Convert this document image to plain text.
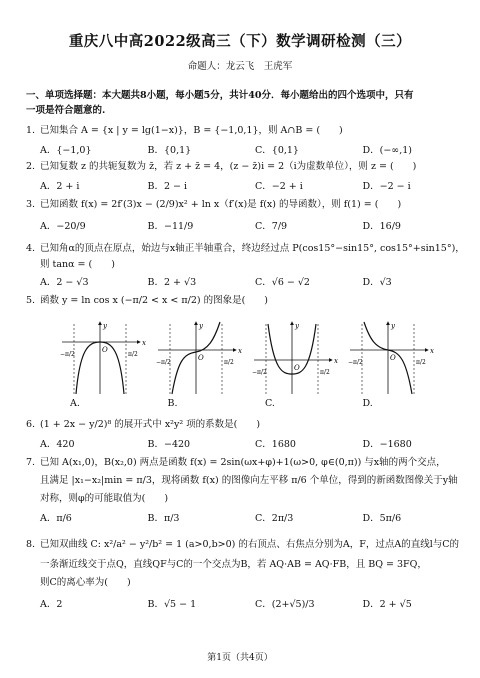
重庆八中高2022级高三（下）数学调研检测（三）
命题人：龙云飞　王虎军
一、单项选择题：本大题共8小题，每小题5分，共计40分．每小题给出的四个选项中，只有
一项是符合题意的.
1. 已知集合 A = {x | y = lg(1−x)}，B = {−1,0,1}，则 A∩B = (　　)
A．{−1,0}	B．{0,1}	C．{0,1}	D．(−∞,1)
2. 已知复数 z 的共轭复数为 z̄，若 z + z̄ = 4，(z − z̄)i = 2（i为虚数单位），则 z = (　　)
A．2 + i	B．2 − i	C．−2 + i	D．−2 − i
3. 已知函数 f(x) = 2f′(3)x − (2/9)x² + ln x（f′(x)是 f(x) 的导函数），则 f(1) = (　　)
A．−20/9	B．−11/9	C．7/9	D．16/9
4. 已知角α的顶点在原点，始边与x轴正半轴重合，终边经过点 P(cos15°−sin15°, cos15°+sin15°)，
则 tanα = (　　)
A．2 − √3	B．2 + √3	C．√6 − √2	D．√3
5. 函数 y = ln cos x (−π/2 < x < π/2) 的图象是(　　)
x
y
O
−π/2	π/2	x
y
O
−π/2	π/2	x
y
O
−π/2	π/2
x
y
O
−π/2	π/2
A.	B.	C.	D.
6. (1 + 2x − y/2)⁸ 的展开式中 x²y² 项的系数是(　　)
A．420	B．−420	C．1680	D．−1680
7. 已知 A(x₁,0)，B(x₂,0) 两点是函数 f(x) = 2sin(ωx+φ)+1(ω>0, φ∈(0,π)) 与x轴的两个交点，
且满足 |x₁−x₂|min = π/3，现将函数 f(x) 的图像向左平移 π/6 个单位，得到的新函数图像关于y轴
对称，则φ的可能取值为(　　)
A．π/6	B．π/3	C．2π/3	D．5π/6
8. 已知双曲线 C: x²/a² − y²/b² = 1 (a>0,b>0) 的右顶点、右焦点分别为A，F，过点A的直线l与C的
一条渐近线交于点Q，直线QF与C的一个交点为B，若 AQ·AB = AQ·FB，且 BQ = 3FQ，
则C的离心率为(　　)
A．2	B．√5 − 1	C．(2+√5)/3	D．2 + √5
第1页（共4页）
